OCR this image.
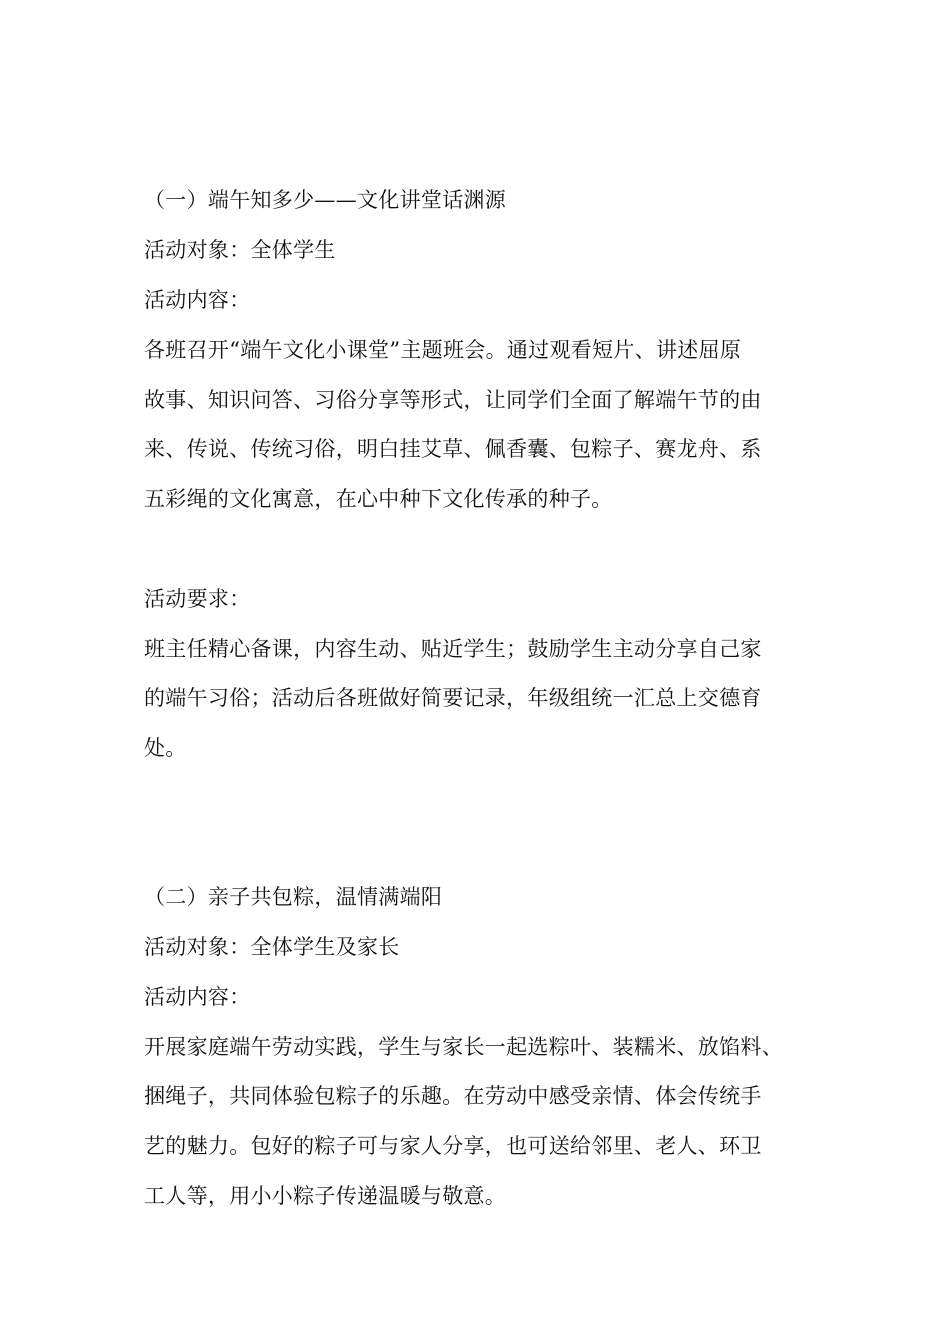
（一）端午知多少——文化讲堂话渊源
活动对象：全体学生
活动内容：
各班召开“端午文化小课堂”主题班会。通过观看短片、讲述屈原
故事、知识问答、习俗分享等形式，让同学们全面了解端午节的由
来、传说、传统习俗，明白挂艾草、佩香囊、包粽子、赛龙舟、系
五彩绳的文化寓意，在心中种下文化传承的种子。
活动要求：
班主任精心备课，内容生动、贴近学生；鼓励学生主动分享自己家
的端午习俗；活动后各班做好简要记录，年级组统一汇总上交德育
处。
（二）亲子共包粽，温情满端阳
活动对象：全体学生及家长
活动内容：
开展家庭端午劳动实践，学生与家长一起选粽叶、装糯米、放馅料、
捆绳子，共同体验包粽子的乐趣。在劳动中感受亲情、体会传统手
艺的魅力。包好的粽子可与家人分享，也可送给邻里、老人、环卫
工人等，用小小粽子传递温暖与敬意。
